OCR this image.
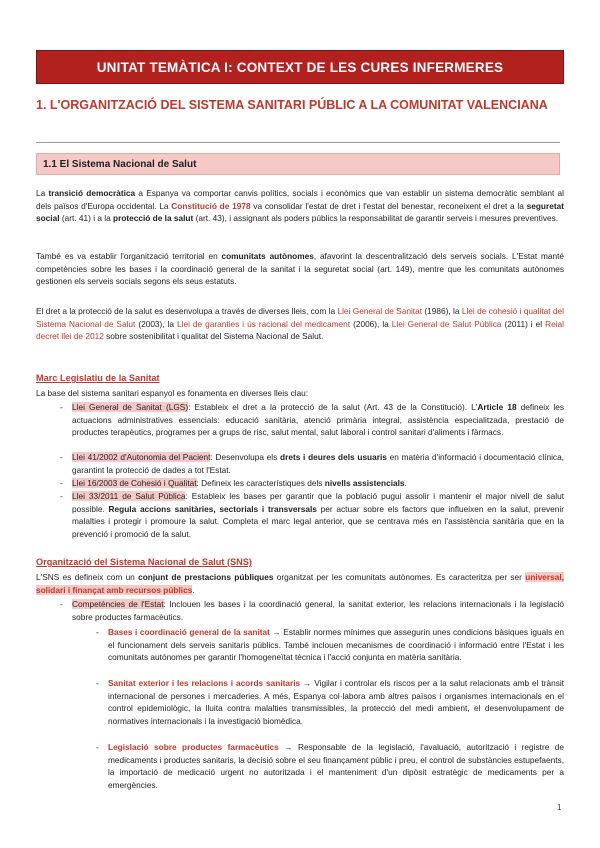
UNITAT TEMÀTICA I: CONTEXT DE LES CURES INFERMERES
1. L'ORGANITZACIÓ DEL SISTEMA SANITARI PÚBLIC A LA COMUNITAT VALENCIANA
1.1 El Sistema Nacional de Salut
La transició democràtica a Espanya va comportar canvis polítics, socials i econòmics que van establir un sistema democràtic semblant al dels països d'Europa occidental. La Constitució de 1978 va consolidar l'estat de dret i l'estat del benestar, reconeixent el dret a la seguretat social (art. 41) i a la protecció de la salut (art. 43), i assignant als poders públics la responsabilitat de garantir serveis i mesures preventives.
També es va establir l'organització territorial en comunitats autònomes, afavorint la descentralització dels serveis socials. L'Estat manté competències sobre les bases i la coordinació general de la sanitat i la seguretat social (art. 149), mentre que les comunitats autònomes gestionen els serveis socials segons els seus estatuts.
El dret a la protecció de la salut es desenvolupa a través de diverses lleis, com la Llei General de Sanitat (1986), la Llei de cohesió i qualitat del Sistema Nacional de Salut (2003), la Llei de garanties i ús racional del medicament (2006), la Llei General de Salut Pública (2011) i el Reial decret llei de 2012 sobre sostenibilitat i qualitat del Sistema Nacional de Salut.
Marc Legislatiu de la Sanitat
La base del sistema sanitari espanyol es fonamenta en diverses lleis clau:
- Llei General de Sanitat (LGS): Estableix el dret a la protecció de la salut (Art. 43 de la Constitució). L'Article 18 defineix les actuacions administratives essencials: educació sanitària, atenció primària integral, assistència especialitzada, prestació de productes terapèutics, programes per a grups de risc, salut mental, salut laboral i control sanitari d'aliments i fàrmacs.
- Llei 41/2002 d'Autonomia del Pacient: Desenvolupa els drets i deures dels usuaris en matèria d'informació i documentació clínica, garantint la protecció de dades a tot l'Estat.
- Llei 16/2003 de Cohesió i Qualitat: Defineix les característiques dels nivells assistencials.
- Llei 33/2011 de Salut Pública: Estableix les bases per garantir que la població pugui assolir i mantenir el major nivell de salut possible. Regula accions sanitàries, sectorials i transversals per actuar sobre els factors que influeixen en la salut, prevenir malalties i protegir i promoure la salut. Completa el marc legal anterior, que se centrava més en l'assistència sanitària que en la prevenció i promoció de la salut.
Organització del Sistema Nacional de Salut (SNS)
L'SNS es defineix com un conjunt de prestacions públiques organitzat per les comunitats autònomes. Es caracteritza per ser universal, solidari i finançat amb recursos públics.
- Competències de l'Estat: Inclouen les bases i la coordinació general, la sanitat exterior, les relacions internacionals i la legislació sobre productes farmacèutics.
- Bases i coordinació general de la sanitat → Establir normes mínimes que assegurin unes condicions bàsiques iguals en el funcionament dels serveis sanitaris públics. També inclouen mecanismes de coordinació i informació entre l'Estat i les comunitats autònomes per garantir l'homogeneïtat tècnica i l'acció conjunta en matèria sanitària.
- Sanitat exterior i les relacions i acords sanitaris → Vigilar i controlar els riscos per a la salut relacionats amb el trànsit internacional de persones i mercaderies. A més, Espanya col·labora amb altres països i organismes internacionals en el control epidemiològic, la lluita contra malalties transmissibles, la protecció del medi ambient, el desenvolupament de normatives internacionals i la investigació biomèdica.
- Legislació sobre productes farmacèutics → Responsable de la legislació, l'avaluació, autorització i registre de medicaments i productes sanitaris, la decisió sobre el seu finançament públic i preu, el control de substàncies estupefaents, la importació de medicació urgent no autoritzada i el manteniment d'un dipòsit estratègic de medicaments per a emergències.
1
